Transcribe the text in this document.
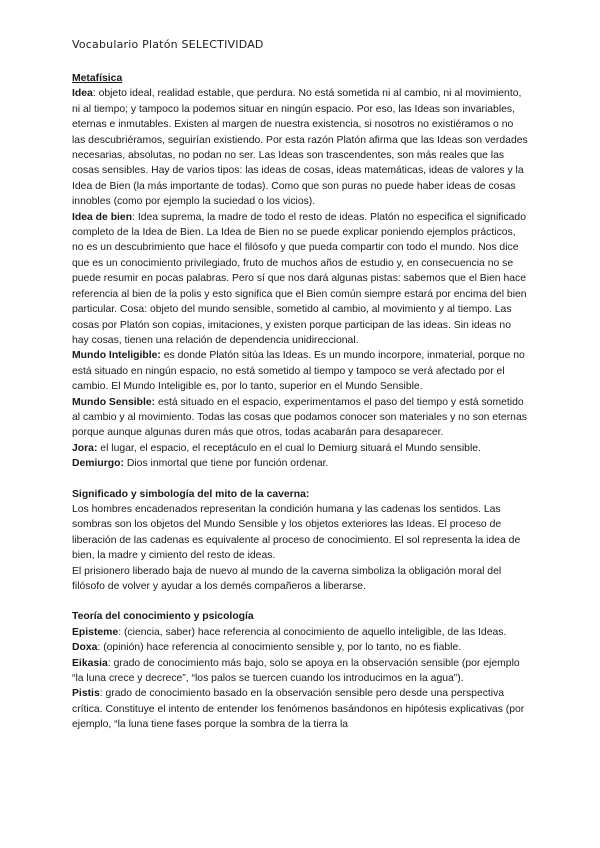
Vocabulario Platón SELECTIVIDAD

Metafísica

Idea: objeto ideal, realidad estable, que perdura. No está sometida ni al cambio, ni al movimiento, ni al tiempo; y tampoco la podemos situar en ningún espacio. Por eso, las Ideas son invariables, eternas e inmutables. Existen al margen de nuestra existencia, si nosotros no existiéramos o no las descubriéramos, seguirían existiendo. Por esta razón Platón afirma que las Ideas son verdades necesarias, absolutas, no podan no ser. Las Ideas son trascendentes, son más reales que las cosas sensibles. Hay de varios tipos: las ideas de cosas, ideas matemáticas, ideas de valores y la Idea de Bien (la más importante de todas). Como que son puras no puede haber ideas de cosas innobles (como por ejemplo la suciedad o los vicios).

Idea de bien: Idea suprema, la madre de todo el resto de ideas. Platón no especifica el significado completo de la Idea de Bien. La Idea de Bien no se puede explicar poniendo ejemplos prácticos, no es un descubrimiento que hace el filósofo y que pueda compartir con todo el mundo. Nos dice que es un conocimiento privilegiado, fruto de muchos años de estudio y, en consecuencia no se puede resumir en pocas palabras. Pero sí que nos dará algunas pistas: sabemos que el Bien hace referencia al bien de la polis y esto significa que el Bien común siempre estará por encima del bien particular. Cosa: objeto del mundo sensible, sometido al cambio, al movimiento y al tiempo. Las cosas por Platón son copias, imitaciones, y existen porque participan de las ideas. Sin ideas no hay cosas, tienen una relación de dependencia unidireccional.

Mundo Inteligible: es donde Platón sitúa las Ideas. Es un mundo incorpore, inmaterial, porque no está situado en ningún espacio, no está sometido al tiempo y tampoco se verá afectado por el cambio. El Mundo Inteligible es, por lo tanto, superior en el Mundo Sensible.

Mundo Sensible: está situado en el espacio, experimentamos el paso del tiempo y está sometido al cambio y al movimiento. Todas las cosas que podamos conocer son materiales y no son eternas porque aunque algunas duren más que otros, todas acabarán para desaparecer.

Jora: el lugar, el espacio, el receptáculo en el cual lo Demiurg situará el Mundo sensible.

Demiurgo: Dios inmortal que tiene por función ordenar.

Significado y simbología del mito de la caverna:

Los hombres encadenados representan la condición humana y las cadenas los sentidos. Las sombras son los objetos del Mundo Sensible y los objetos exteriores las Ideas. El proceso de liberación de las cadenas es equivalente al proceso de conocimiento. El sol representa la idea de bien, la madre y cimiento del resto de ideas.

El prisionero liberado baja de nuevo al mundo de la caverna simboliza la obligación moral del filósofo de volver y ayudar a los demés compañeros a liberarse.

Teoría del conocimiento y psicología

Episteme: (ciencia, saber) hace referencia al conocimiento de aquello inteligible, de las Ideas.

Doxa: (opinión) hace referencia al conocimiento sensible y, por lo tanto, no es fiable.

Eikasia: grado de conocimiento más bajo, solo se apoya en la observación sensible (por ejemplo “la luna crece y decrece”, “los palos se tuercen cuando los introducimos en la agua”).

Pistis: grado de conocimiento basado en la observación sensible pero desde una perspectiva crítica. Constituye el intento de entender los fenómenos basándonos en hipótesis explicativas (por ejemplo, “la luna tiene fases porque la sombra de la tierra la
